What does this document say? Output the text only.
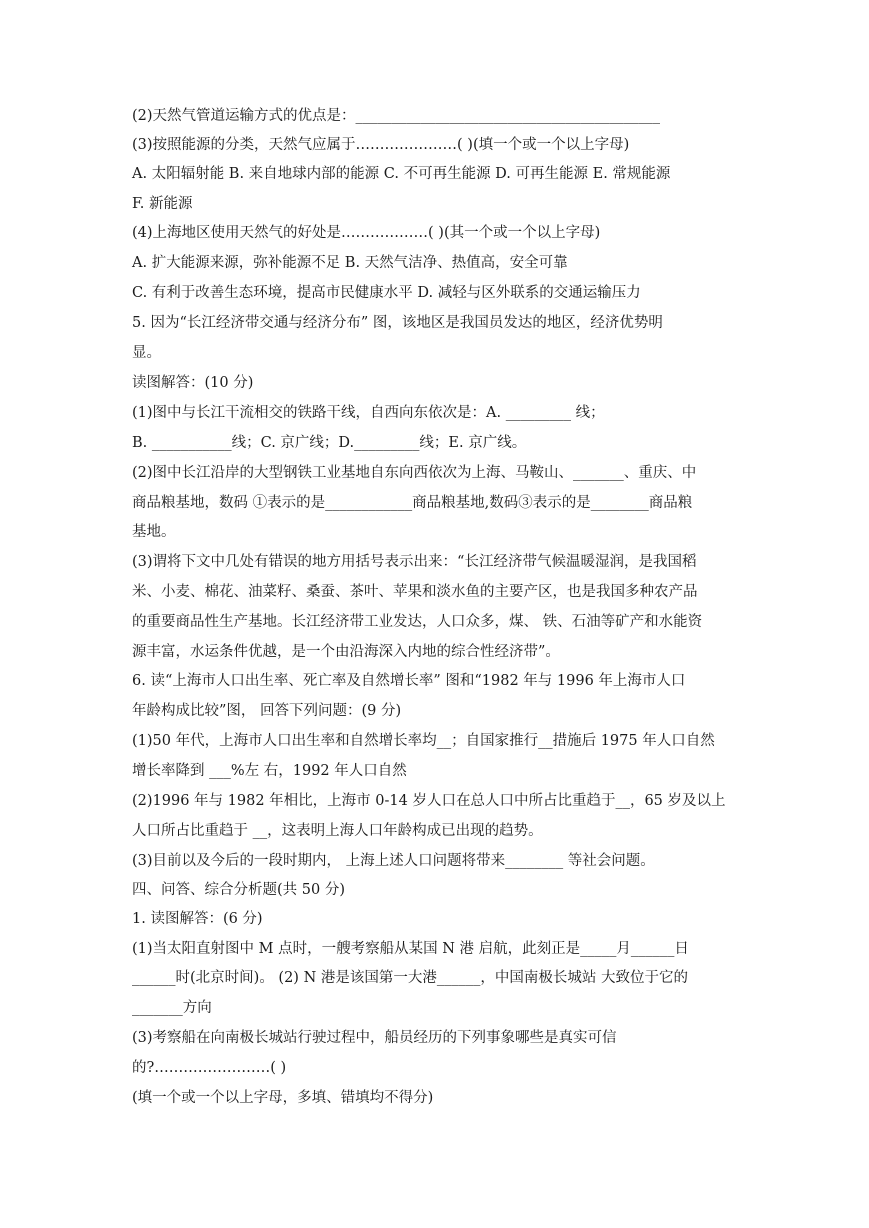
(2)天然气管道运输方式的优点是：__________________________________________
(3)按照能源的分类，天然气应属于…………………( )(填一个或一个以上字母)
A. 太阳辐射能 B. 来自地球内部的能源 C. 不可再生能源 D. 可再生能源 E. 常规能源
F. 新能源
(4)上海地区使用天然气的好处是………………( )(其一个或一个以上字母)
A. 扩大能源来源，弥补能源不足 B. 天然气洁净、热值高，安全可靠
C. 有利于改善生态环境，提高市民健康水平 D. 减轻与区外联系的交通运输压力
5. 因为“长江经济带交通与经济分布” 图，该地区是我国员发达的地区，经济优势明
显。
读图解答：(10 分)
(1)图中与长江干流相交的铁路干线，自西向东依次是：A. _________ 线；
B. ___________线；C. 京广线；D._________线；E. 京广线。
(2)图中长江沿岸的大型钢铁工业基地自东向西依次为上海、马鞍山、_______、重庆、中
商品粮基地，数码 ①表示的是____________商品粮基地,数码③表示的是________商品粮
基地。
(3)谓将下文中几处有错误的地方用括号表示出来：“长江经济带气候温暖湿润，是我国稻
米、小麦、棉花、油菜籽、桑蚕、茶叶、苹果和淡水鱼的主要产区，也是我国多种农产品
的重要商品性生产基地。长江经济带工业发达，人口众多，煤、 铁、石油等矿产和水能资
源丰富，水运条件优越，是一个由沿海深入内地的综合性经济带”。
6. 读“上海市人口出生率、死亡率及自然增长率” 图和“1982 年与 1996 年上海市人口
年龄构成比较”图， 回答下列问题：(9 分)
(1)50 年代，上海市人口出生率和自然增长率均__；自国家推行__措施后 1975 年人口自然
增长率降到 ___%左 右，1992 年人口自然
(2)1996 年与 1982 年相比，上海市 0-14 岁人口在总人口中所占比重趋于__，65 岁及以上
人口所占比重趋于 __，这表明上海人口年龄构成已出现的趋势。
(3)目前以及今后的一段时期内， 上海上述人口问题将带来________ 等社会问题。
四、问答、综合分析题(共 50 分)
1. 读图解答：(6 分)
(1)当太阳直射图中 M 点时，一艘考察船从某国 N 港 启航，此刻正是_____月______日
______时(北京时间)。 (2) N 港是该国第一大港______，中国南极长城站 大致位于它的
_______方向
(3)考察船在向南极长城站行驶过程中，船员经历的下列事象哪些是真实可信
的?……………………( )
(填一个或一个以上字母，多填、错填均不得分)
